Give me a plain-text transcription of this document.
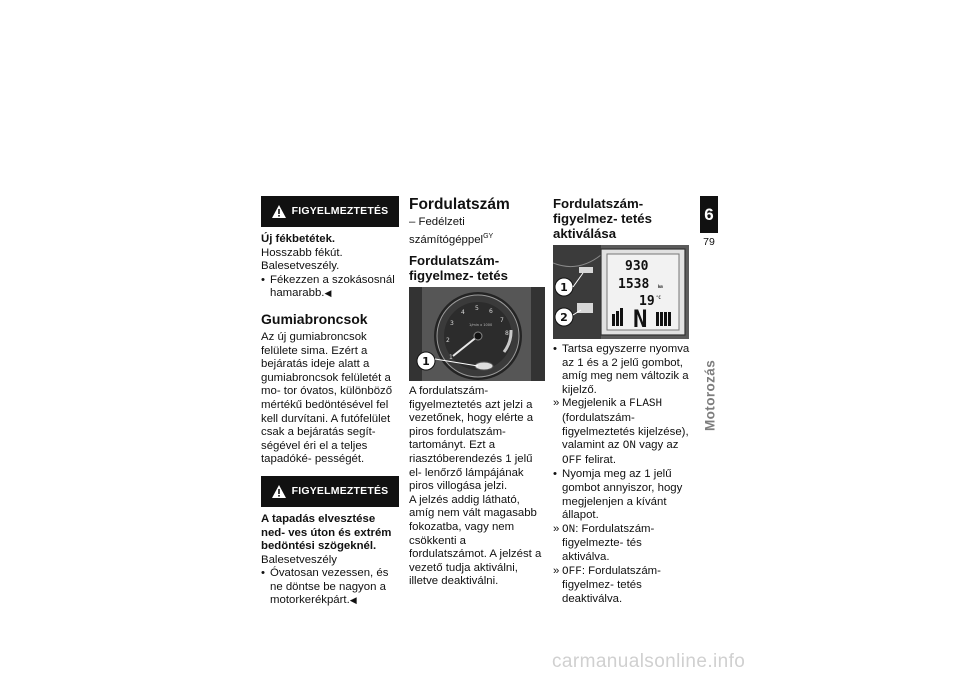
FIGYELMEZTETÉS
Új fékbetétek.

Hosszabb fékút. Balesetveszély.

• Fékezzen a szokásosnál hamarabb.◀
Gumiabroncsok

Az új gumiabroncsok felülete sima. Ezért a bejáratás ideje alatt a gumiabroncsok felületét a mo- tor óvatos, különböző mértékű bedöntésével fel kell durvítani. A futófelület csak a bejáratás segít- ségével éri el a teljes tapadóké- pességét.

FIGYELMEZTETÉS
A tapadás elvesztése ned- ves úton és extrém bedöntési szögeknél.

Balesetveszély

• Óvatosan vezessen, és ne döntse be nagyon a motorkerékpárt.◀
Fordulatszám

– Fedélzeti számítógéppel$^{GY}$

Fordulatszám-figyelmez- tetés
1
2
3
4
5 6
7
8
1/min x 1000
1

A fordulatszám-figyelmeztetés azt jelzi a vezetőnek, hogy elérte a piros fordulatszám-tartományt. Ezt a riasztóberendezés 1 jelű el- lenőrző lámpájának piros villogása jelzi.

A jelzés addig látható, amíg nem vált magasabb fokozatba, vagy nem csökkenti a fordulatszámot. A jelzést a vezető tudja aktiválni, illetve deaktiválni.

Fordulatszám-figyelmez- tetés aktiválása
930
1538 km
19 °C
N
1
2
• Tartsa egyszerre nyomva az 1 és a 2 jelű gombot, amíg meg nem változik a kijelző.
» Megjelenik a FLASH (fordulatszám-figyelmeztetés kijelzése), valamint az ON vagy az OFF felirat.
• Nyomja meg az 1 jelű gombot annyiszor, hogy megjelenjen a kívánt állapot.
» ON: Fordulatszám-figyelmezte- tés aktiválva.
» OFF: Fordulatszám-figyelmez- tetés deaktiválva.
6
79
Motorozás
carmanualsonline.info
